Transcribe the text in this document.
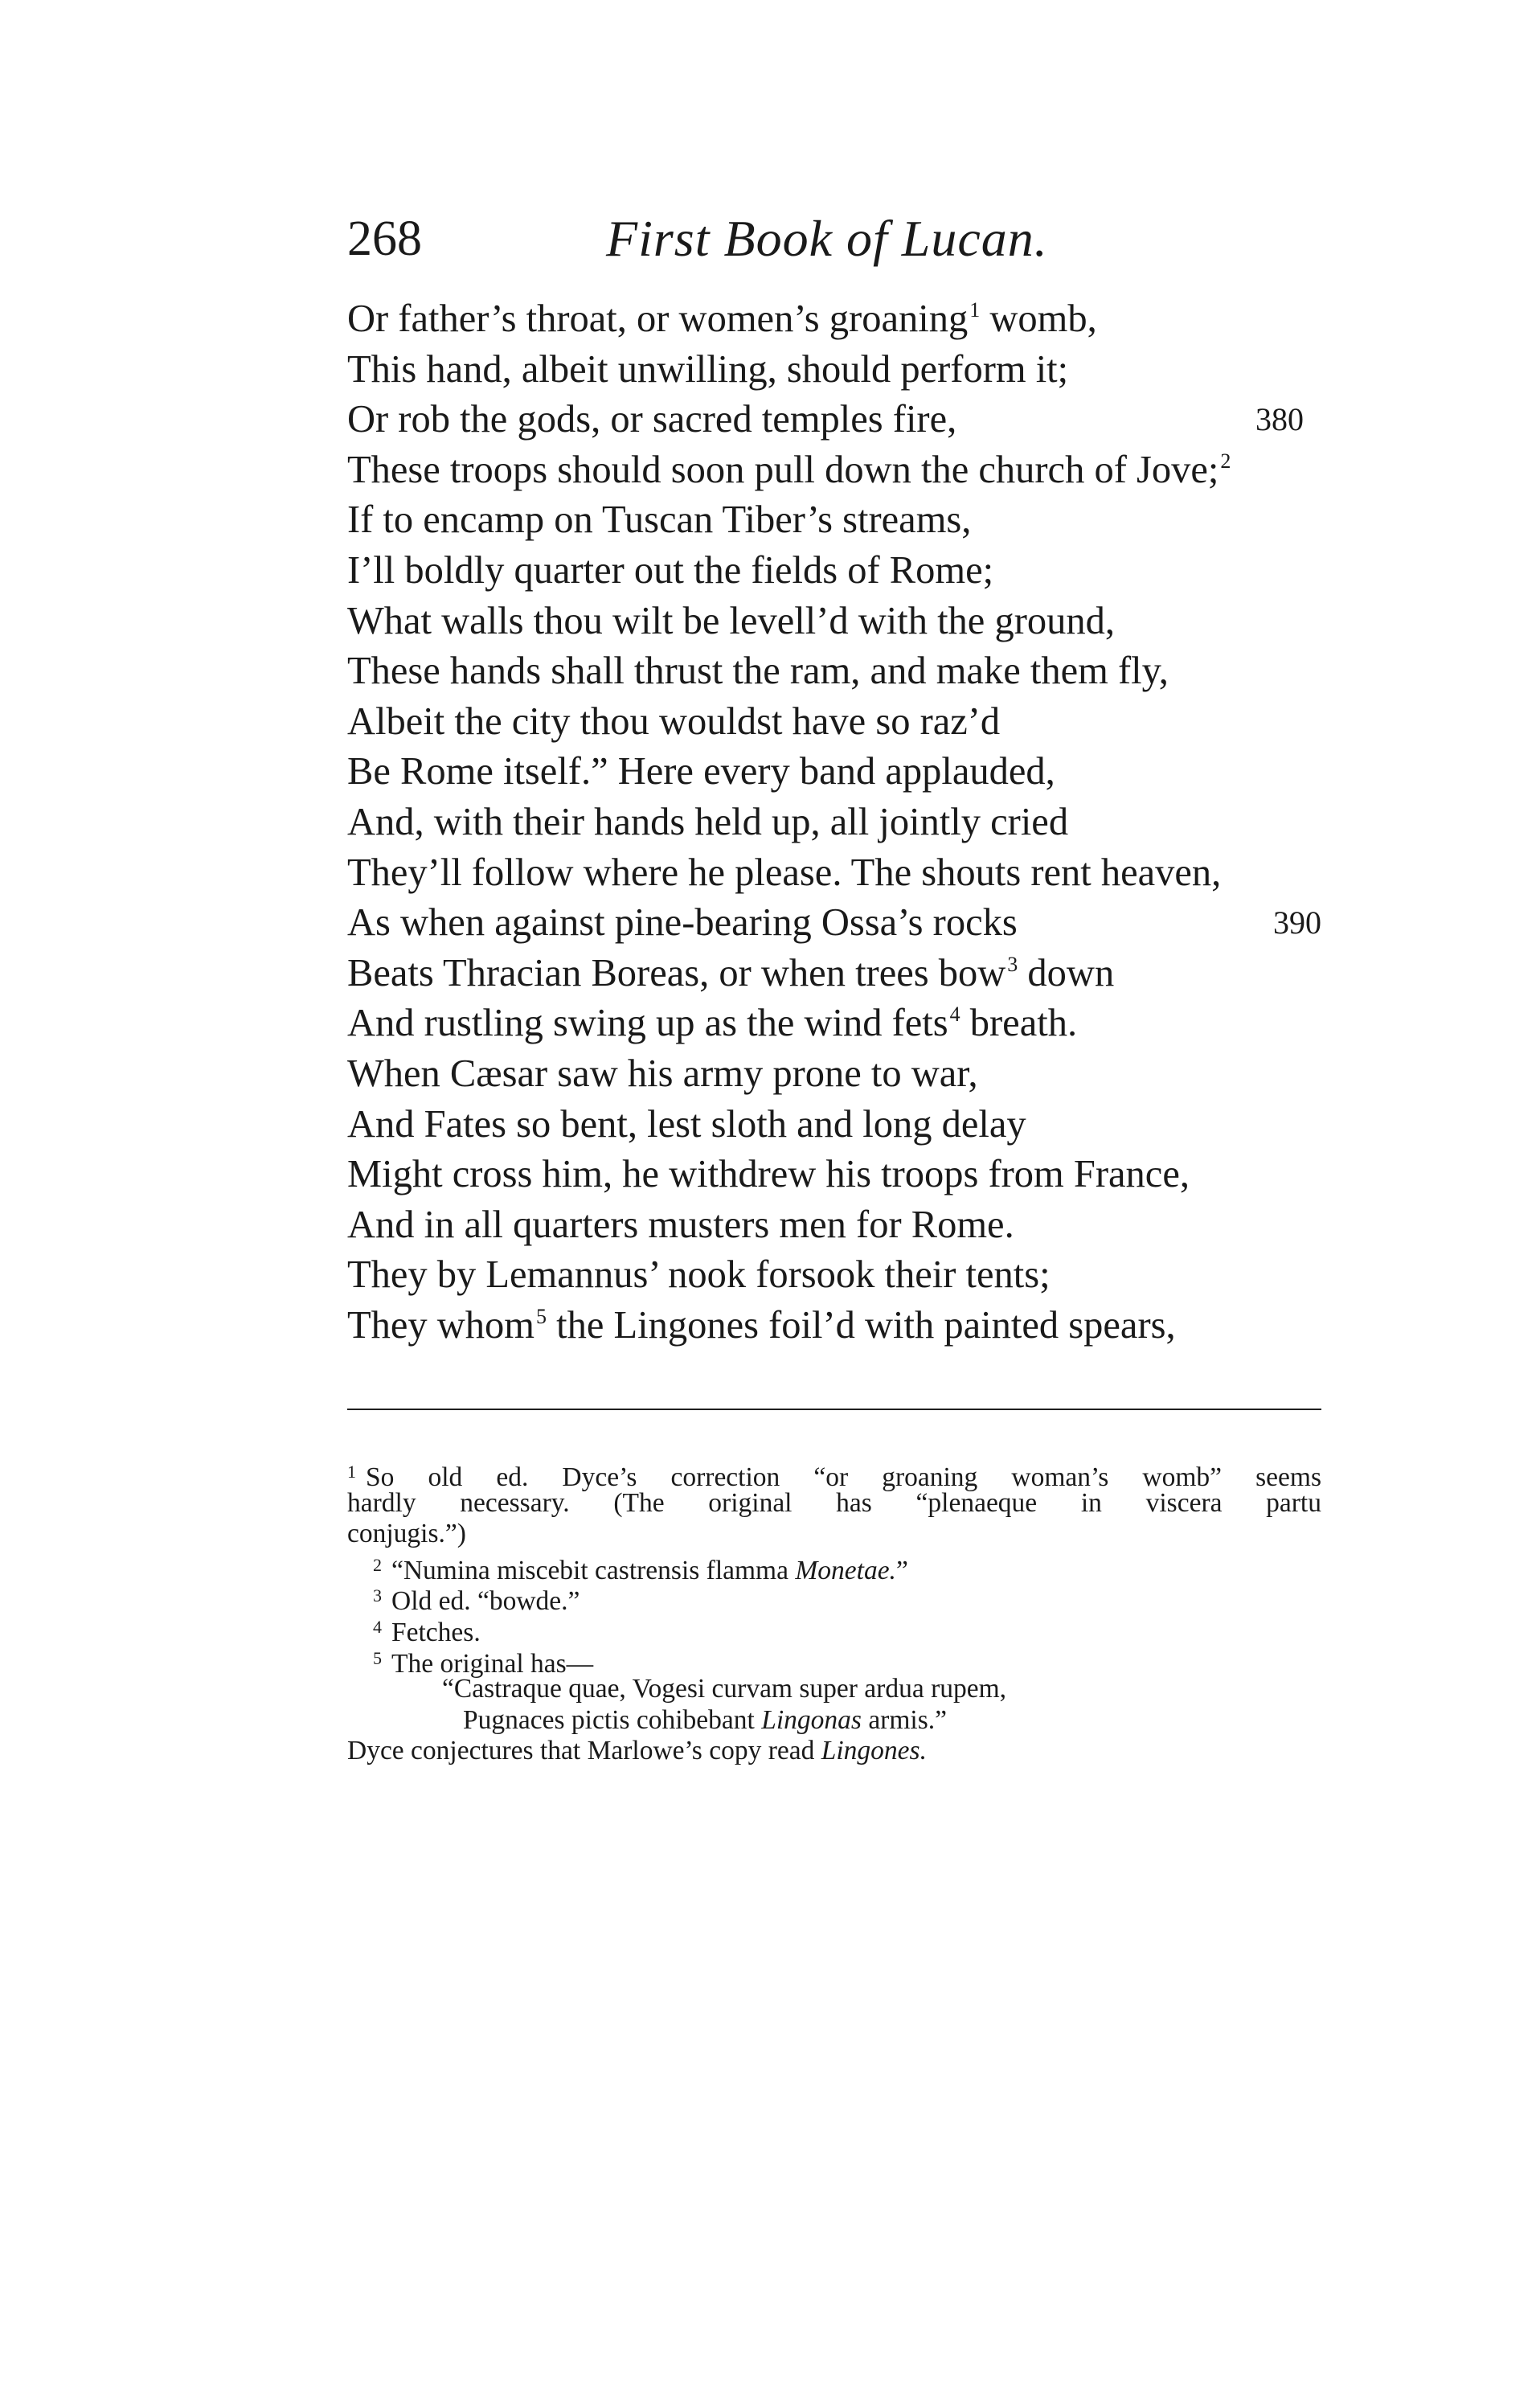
268	First Book of Lucan.
Or father’s throat, or women’s groaning$^1$ womb,
This hand, albeit unwilling, should perform it;
Or rob the gods, or sacred temples fire,	380
These troops should soon pull down the church of Jove;$^2$
If to encamp on Tuscan Tiber’s streams,
I’ll boldly quarter out the fields of Rome;
What walls thou wilt be levell’d with the ground,
These hands shall thrust the ram, and make them fly,
Albeit the city thou wouldst have so raz’d
Be Rome itself.” Here every band applauded,
And, with their hands held up, all jointly cried
They’ll follow where he please. The shouts rent heaven,
As when against pine-bearing Ossa’s rocks	390
Beats Thracian Boreas, or when trees bow$^3$ down
And rustling swing up as the wind fets$^4$ breath.
When Cæsar saw his army prone to war,
And Fates so bent, lest sloth and long delay
Might cross him, he withdrew his troops from France,
And in all quarters musters men for Rome.
They by Lemannus’ nook forsook their tents;
They whom$^5$ the Lingones foil’d with painted spears,
$^1$ So old ed. Dyce’s correction “or groaning woman’s womb” seems
hardly necessary. (The original has “plenaeque in viscera partu
conjugis.”)
$^2$ “Numina miscebit castrensis flamma Monetae.”
$^3$ Old ed. “bowde.”
$^4$ Fetches.
$^5$ The original has—
“Castraque quae, Vogesi curvam super ardua rupem,
Pugnaces pictis cohibebant Lingonas armis.”
Dyce conjectures that Marlowe’s copy read Lingones.
